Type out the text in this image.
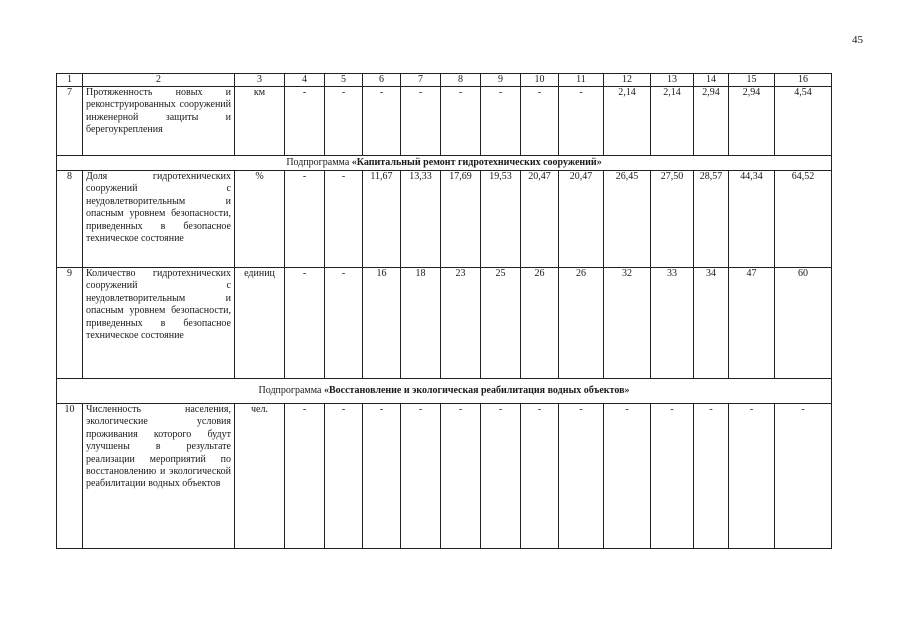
45
1	2	3	4	5	6	7	8	9	10	11	12	13	14	15	16
7	Протяженность новых и реконструированных сооружений инженерной защиты и берегоукрепления	км	-	-	-	-	-	-	-	-	2,14	2,14	2,94	2,94	4,54
Подпрограмма «Капитальный ремонт гидротехнических сооружений»															
8	Доля гидротехнических сооружений с неудовлетворительным и опасным уровнем безопасности, приведенных в безопасное техническое состояние	%	-	-	11,67	13,33	17,69	19,53	20,47	20,47	26,45	27,50	28,57	44,34	64,52
9	Количество гидротехнических сооружений с неудовлетворительным и опасным уровнем безопасности, приведенных в безопасное техническое состояние	единиц	-	-	16	18	23	25	26	26	32	33	34	47	60
Подпрограмма «Восстановление и экологическая реабилитация водных объектов»															
10	Численность населения, экологические условия проживания которого будут улучшены в результате реализации мероприятий по восстановлению и экологической реабилитации водных объектов	чел.	-	-	-	-	-	-	-	-	-	-	-	-	-
